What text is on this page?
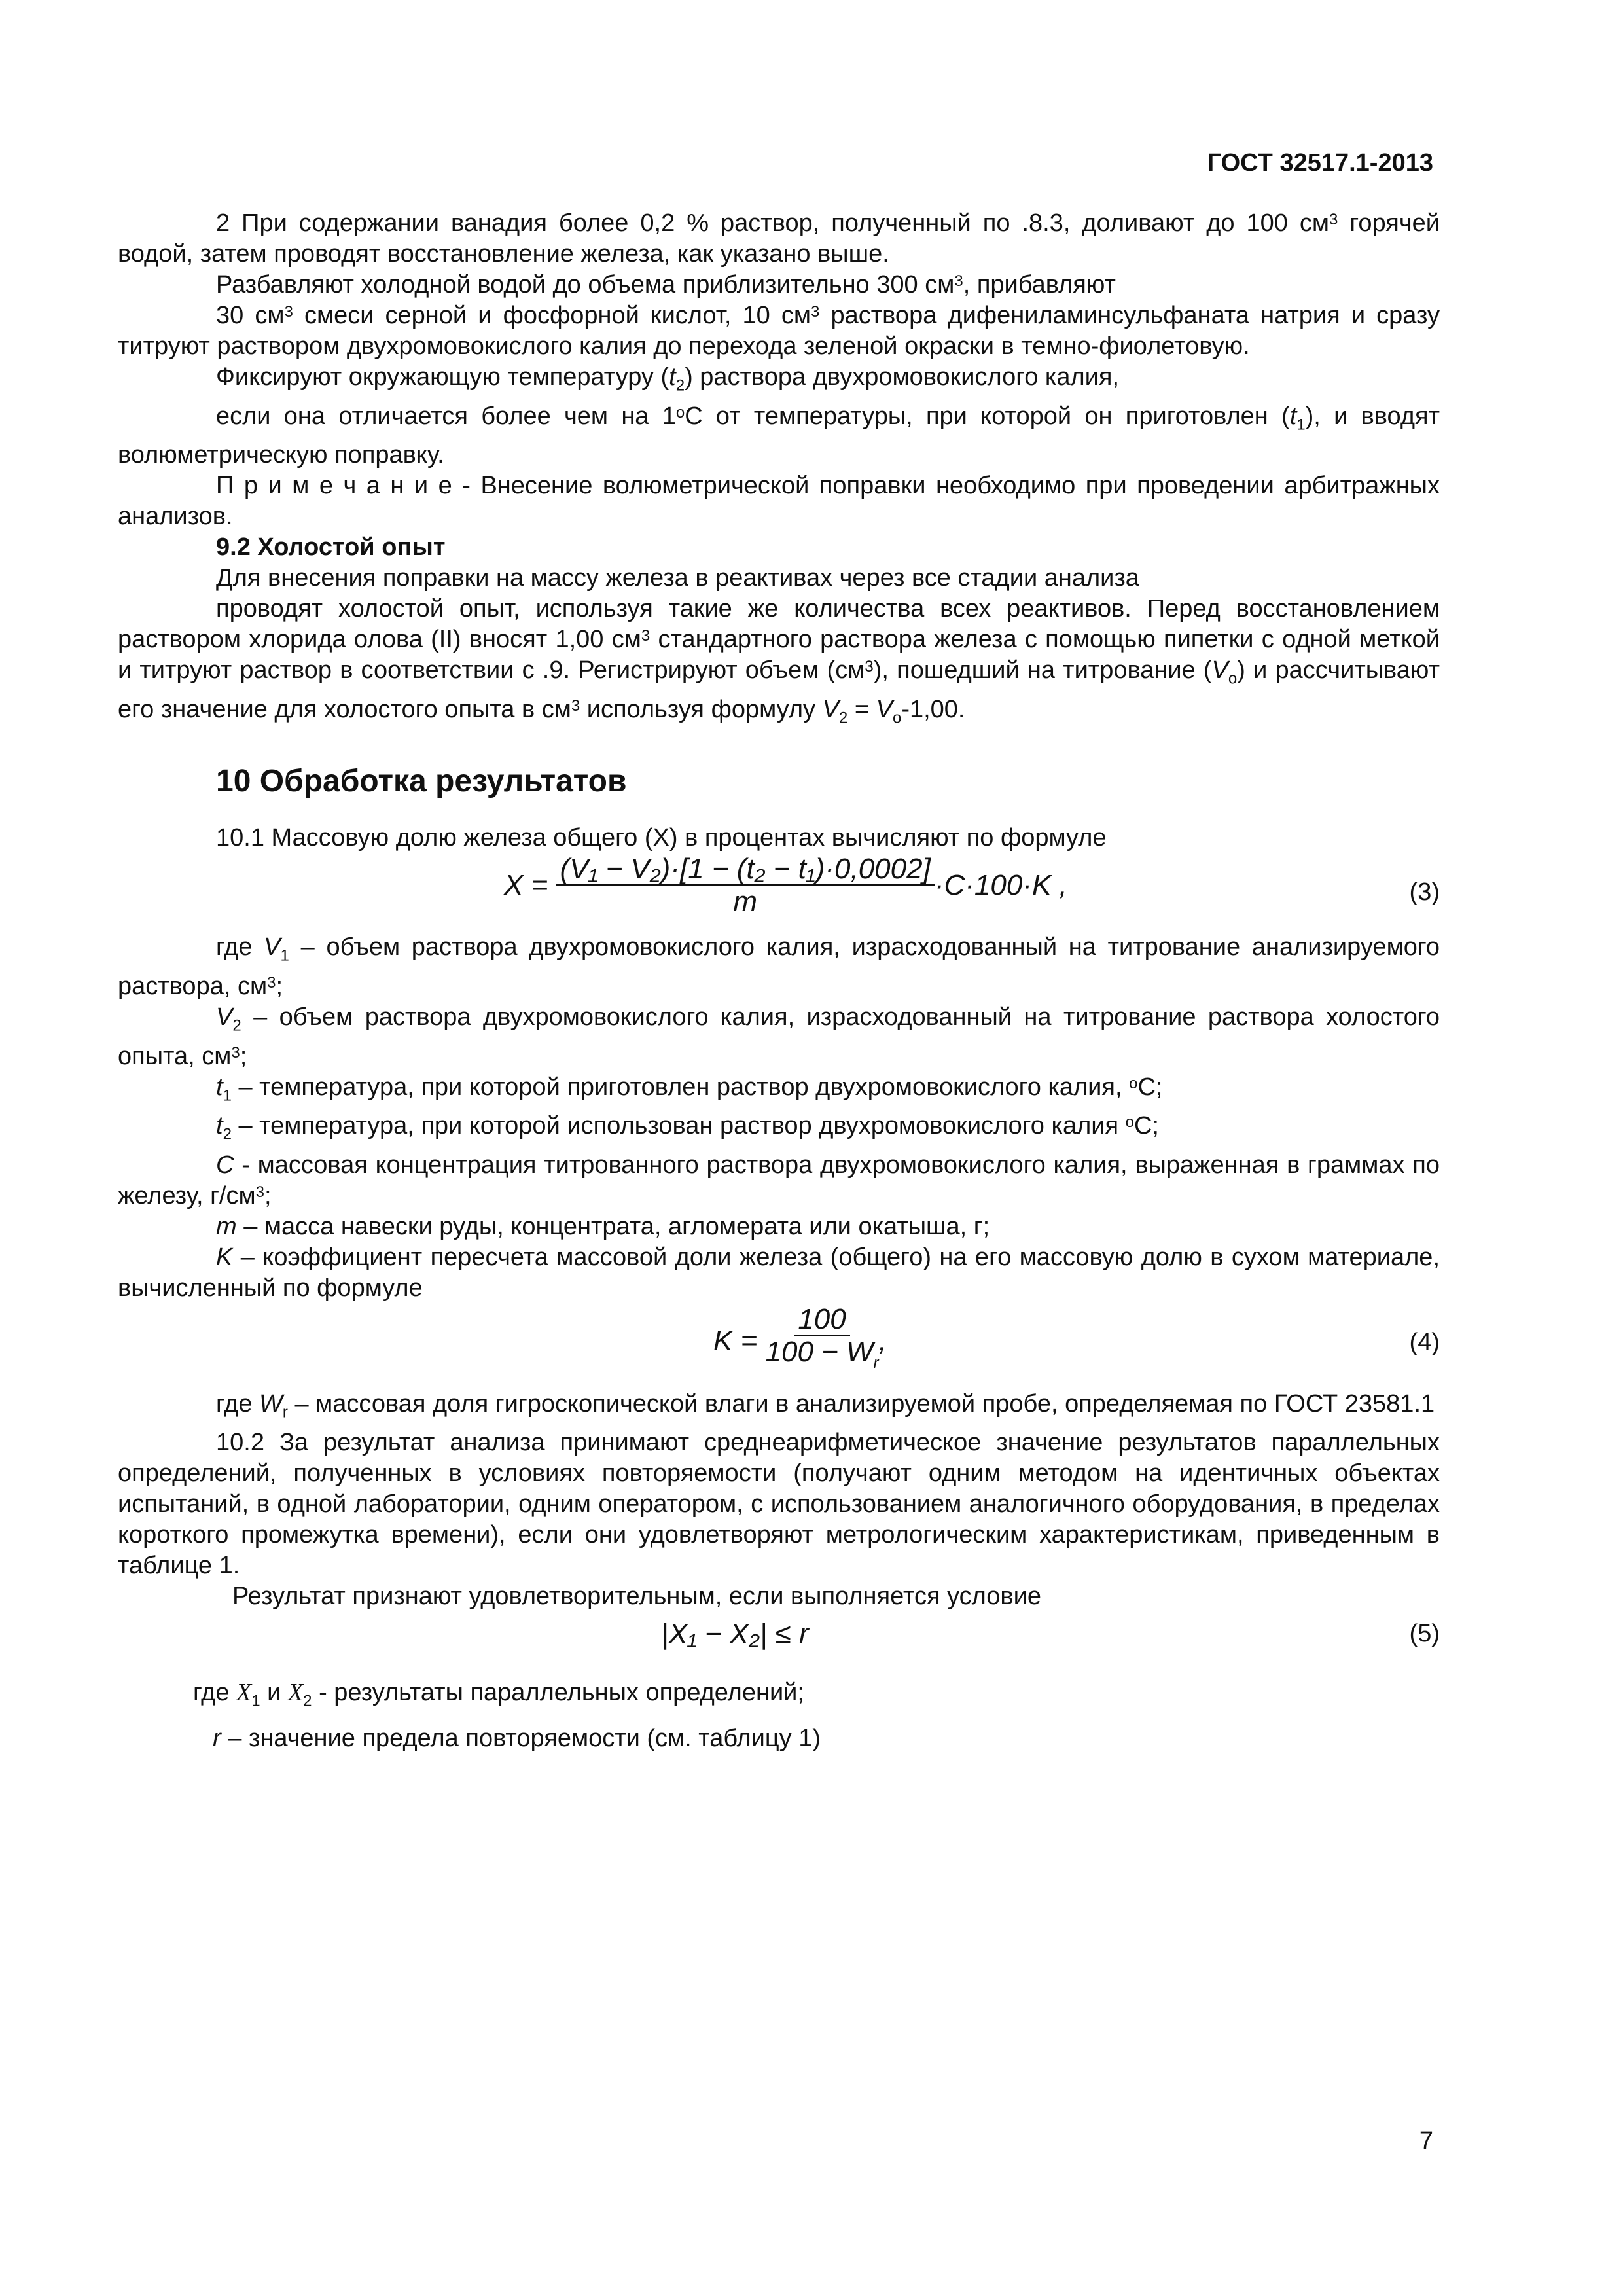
ГОСТ 32517.1-2013

2 При содержании ванадия более 0,2 % раствор, полученный по .8.3, доливают до 100 $см^3$ горячей водой, затем проводят восстановление железа, как указано выше.

Разбавляют холодной водой до объема приблизительно 300 $см^3$, прибавляют

30 $см^3$ смеси серной и фосфорной кислот, 10 $см^3$ раствора дифениламинсульфаната натрия и сразу титруют раствором двухромовокислого калия до перехода зеленой окраски в темно-фиолетовую.

Фиксируют окружающую температуру $(t_2)$ раствора двухромовокислого калия,

если она отличается более чем на 1$^o$С от температуры, при которой он приготовлен $(t_1)$, и вводят волюметрическую поправку.

П р и м е ч а н и е - Внесение волюметрической поправки необходимо при проведении арбитражных анализов.

9.2 Холостой опыт

Для внесения поправки на массу железа в реактивах через все стадии анализа

проводят холостой опыт, используя такие же количества всех реактивов. Перед восстановлением раствором хлорида олова (II) вносят 1,00 $см^3$ стандартного раствора железа с помощью пипетки с одной меткой и титруют раствор в соответствии с .9. Регистрируют объем $(см^3)$, пошедший на титрование $(V_o)$ и рассчитывают его значение для холостого опыта в $см^3$ используя формулу $V_2 = V_o-1,00$.

10 Обработка результатов

10.1 Массовую долю железа общего (X) в процентах вычисляют по формуле

$X = \frac{\text{(V₁ − V₂)·[1 − (t₂ − t₁)·0,0002]}}{m} \cdot C\cdot 100\cdot K$ ,	(3)

где $V_1$ – объем раствора двухромовокислого калия, израсходованный на титрование анализируемого раствора, $см^3$;

$V_2$ – объем раствора двухромовокислого калия, израсходованный на титрование раствора холостого опыта, $см^3$;

$t_1$ – температура, при которой приготовлен раствор двухромовокислого калия, $^o$C;

$t_2$ – температура, при которой использован раствор двухромовокислого калия $^o$C;

C - массовая концентрация титрованного раствора двухромовокислого калия, выраженная в граммах по железу, $г/см^3$;

m – масса навески руды, концентрата, агломерата или окатыша, г;

K – коэффициент пересчета массовой доли железа (общего) на его массовую долю в сухом материале, вычисленный по формуле

$K = \frac{100}{100 - W_r}$ ,	(4)

где $W_r$ – массовая доля гигроскопической влаги в анализируемой пробе, определяемая по ГОСТ 23581.1

10.2 За результат анализа принимают среднеарифметическое значение результатов параллельных определений, полученных в условиях повторяемости (получают одним методом на идентичных объектах испытаний, в одной лаборатории, одним оператором, с использованием аналогичного оборудования, в пределах короткого промежутка времени), если они удовлетворяют метрологическим характеристикам, приведенным в таблице 1.

Результат признают удовлетворительным, если выполняется условие

|X₁ − X₂| ≤ r	(5)

где $X_1$ и $X_2$ - результаты параллельных определений;

r – значение предела повторяемости (см. таблицу 1)

7
